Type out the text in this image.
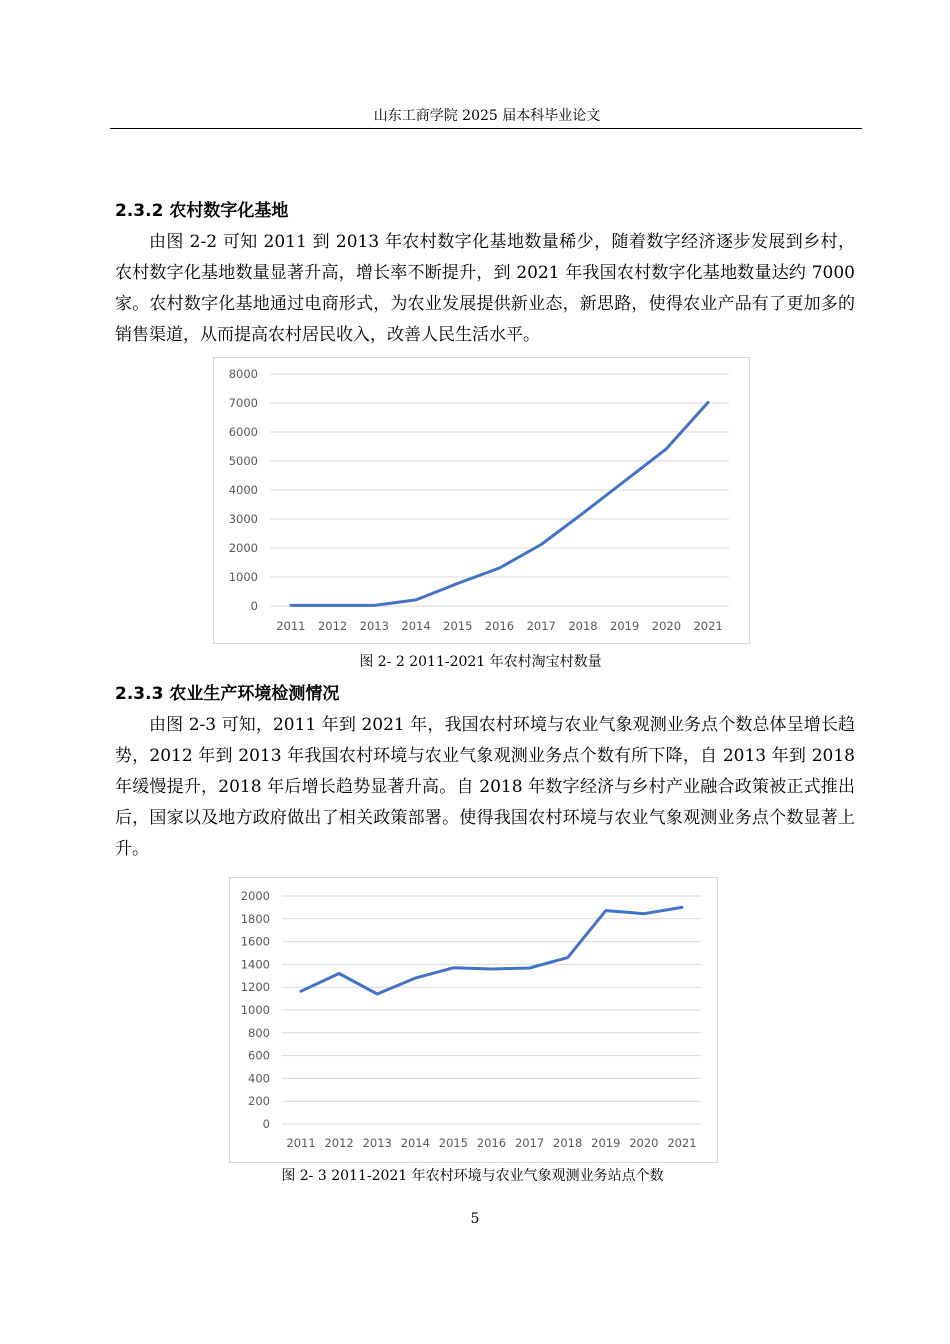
山东工商学院 2025 届本科毕业论文
2.3.2 农村数字化基地
由图 2-2 可知 2011 到 2013 年农村数字化基地数量稀少，随着数字经济逐步发展到乡村，农村数字化基地数量显著升高，增长率不断提升，到 2021 年我国农村数字化基地数量达约 7000 家。农村数字化基地通过电商形式，为农业发展提供新业态，新思路，使得农业产品有了更加多的销售渠道，从而提高农村居民收入，改善人民生活水平。
0
1000
2000
3000
4000
5000
6000
7000
8000
2011 2012 2013 2014 2015 2016 2017 2018 2019 2020 2021
图 2- 2 2011-2021 年农村淘宝村数量
2.3.3 农业生产环境检测情况
由图 2-3 可知，2011 年到 2021 年，我国农村环境与农业气象观测业务点个数总体呈增长趋势，2012 年到 2013 年我国农村环境与农业气象观测业务点个数有所下降，自 2013 年到 2018 年缓慢提升，2018 年后增长趋势显著升高。自 2018 年数字经济与乡村产业融合政策被正式推出后，国家以及地方政府做出了相关政策部署。使得我国农村环境与农业气象观测业务点个数显著上升。
0
200
400
600
800
1000
1200
1400
1600
1800
2000
2011 2012 2013 2014 2015 2016 2017 2018 2019 2020 2021
图 2- 3 2011-2021 年农村环境与农业气象观测业务站点个数
5
